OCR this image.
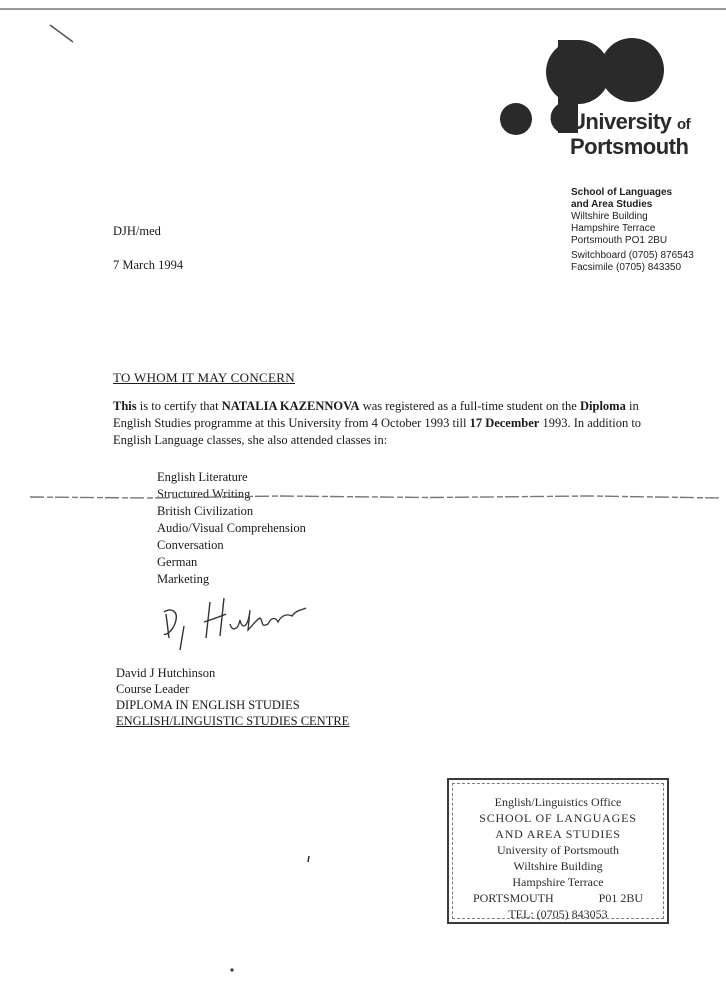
University of
Portsmouth
School of Languages
and Area Studies
Wiltshire Building
Hampshire Terrace
Portsmouth PO1 2BU
Switchboard (0705) 876543
Facsimile (0705) 843350
DJH/med
7 March 1994
TO WHOM IT MAY CONCERN
This is to certify that NATALIA KAZENNOVA was registered as a full-time student on the Diploma in English Studies programme at this University from 4 October 1993 till 17 December 1993. In addition to English Language classes, she also attended classes in:
English Literature
Structured Writing
British Civilization
Audio/Visual Comprehension
Conversation
German
Marketing
David J Hutchinson
Course Leader
DIPLOMA IN ENGLISH STUDIES
ENGLISH/LINGUISTIC STUDIES CENTRE
English/Linguistics Office
SCHOOL OF LANGUAGES
AND AREA STUDIES
University of Portsmouth
Wiltshire Building
Hampshire Terrace
PORTSMOUTH	P01 2BU
TEL: (0705) 843053
